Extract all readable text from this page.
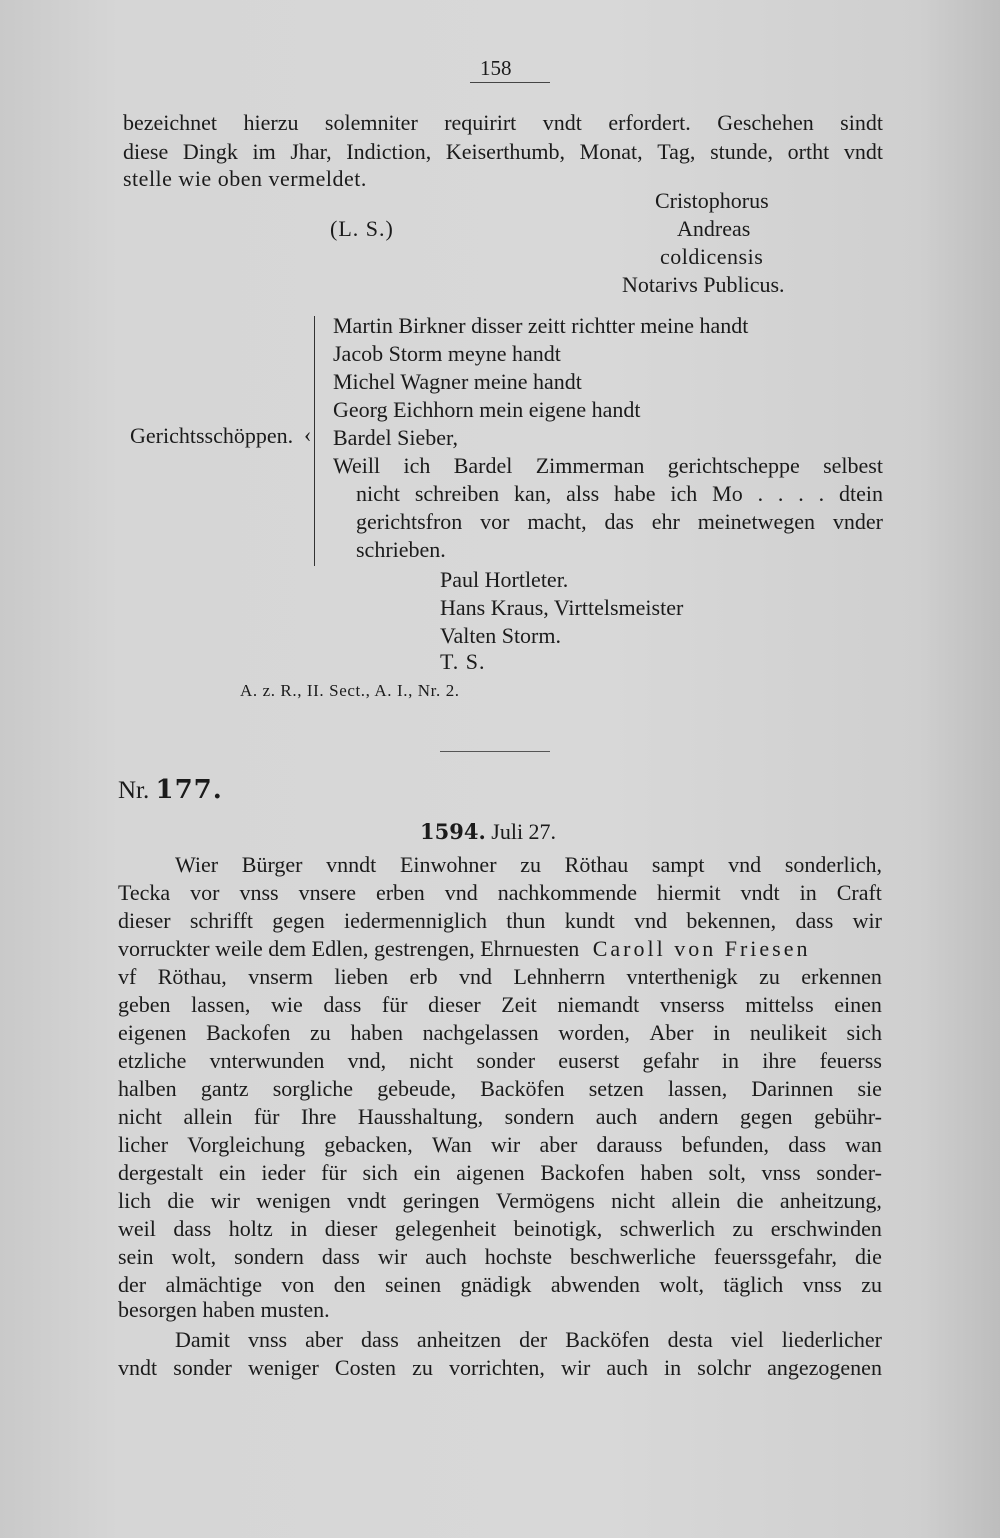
158
bezeichnet hierzu solemniter requirirt vndt erfordert. Geschehen sindt
diese Dingk im Jhar, Indiction, Keiserthumb, Monat, Tag, stunde, ortht vndt
stelle wie oben vermeldet.
Cristophorus
(L. S.)	Andreas
coldicensis
Notarivs Publicus.
‹
Gerichtsschöppen.
Martin Birkner disser zeitt richtter meine handt
Jacob Storm meyne handt
Michel Wagner meine handt
Georg Eichhorn mein eigene handt
Bardel Sieber,
Weill ich Bardel Zimmerman gerichtscheppe selbest
nicht schreiben kan, alss habe ich Mo . . . . dtein
gerichtsfron vor macht, das ehr meinetwegen vnder
schrieben.
Paul Hortleter.
Hans Kraus, Virttelsmeister
Valten Storm.
T. S.
A. z. R., II. Sect., A. I., Nr. 2.
Nr. 177.
1594. Juli 27.
Wier Bürger vnndt Einwohner zu Röthau sampt vnd sonderlich,
Tecka vor vnss vnsere erben vnd nachkommende hiermit vndt in Craft
dieser schrifft gegen iedermenniglich thun kundt vnd bekennen, dass wir
vorruckter weile dem Edlen, gestrengen, Ehrnuesten Caroll von Friesen
vf Röthau, vnserm lieben erb vnd Lehnherrn vnterthenigk zu erkennen
geben lassen, wie dass für dieser Zeit niemandt vnserss mittelss einen
eigenen Backofen zu haben nachgelassen worden, Aber in neulikeit sich
etzliche vnterwunden vnd, nicht sonder euserst gefahr in ihre feuerss
halben gantz sorgliche gebeude, Backöfen setzen lassen, Darinnen sie
nicht allein für Ihre Hausshaltung, sondern auch andern gegen gebühr-
licher Vorgleichung gebacken, Wan wir aber darauss befunden, dass wan
dergestalt ein ieder für sich ein aigenen Backofen haben solt, vnss sonder-
lich die wir wenigen vndt geringen Vermögens nicht allein die anheitzung,
weil dass holtz in dieser gelegenheit beinotigk, schwerlich zu erschwinden
sein wolt, sondern dass wir auch hochste beschwerliche feuerssgefahr, die
der almächtige von den seinen gnädigk abwenden wolt, täglich vnss zu
besorgen haben musten.
Damit vnss aber dass anheitzen der Backöfen desta viel liederlicher
vndt sonder weniger Costen zu vorrichten, wir auch in solchr angezogenen
